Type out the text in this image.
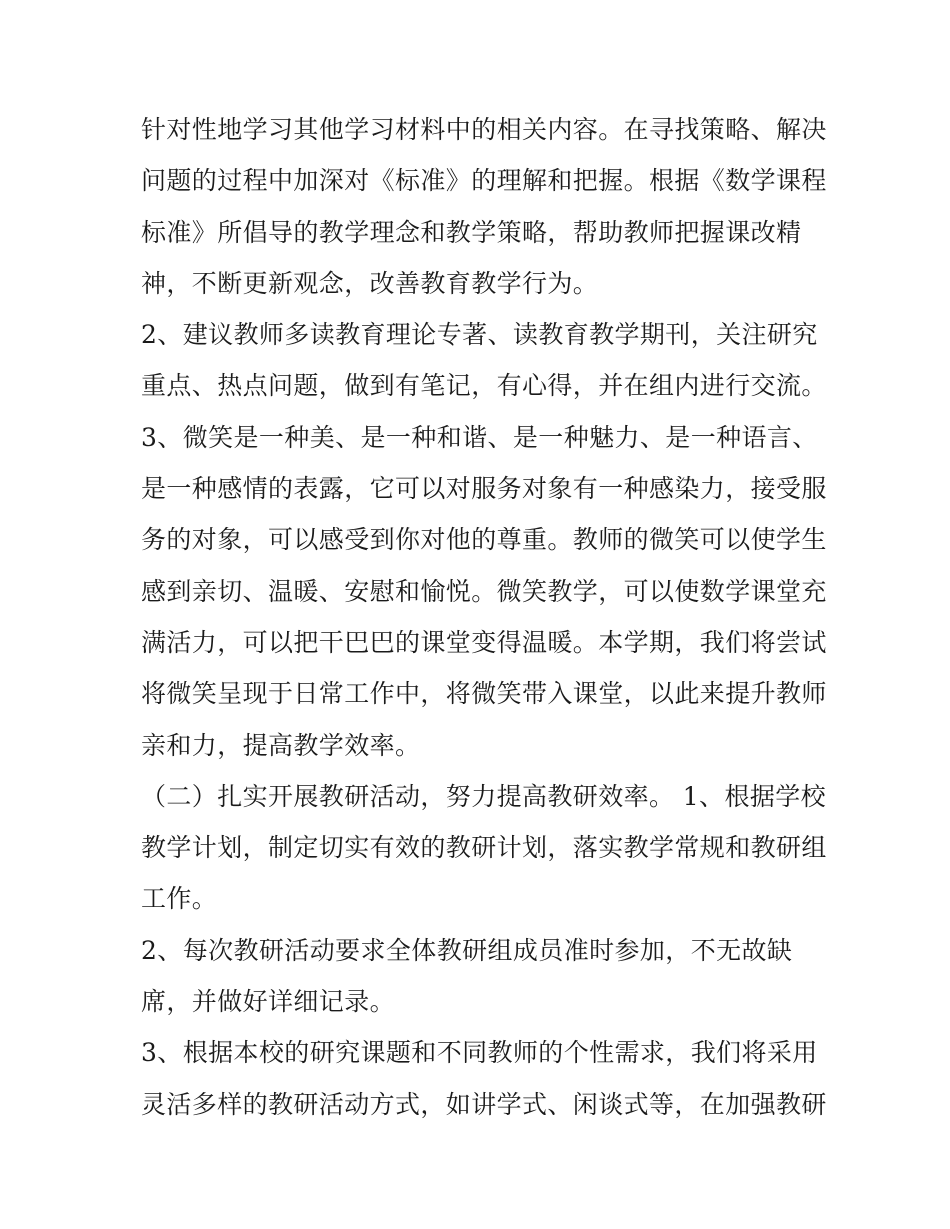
针对性地学习其他学习材料中的相关内容。在寻找策略、解决
问题的过程中加深对《标准》的理解和把握。根据《数学课程
标准》所倡导的教学理念和教学策略，帮助教师把握课改精
神，不断更新观念，改善教育教学行为。
2、建议教师多读教育理论专著、读教育教学期刊，关注研究
重点、热点问题，做到有笔记，有心得，并在组内进行交流。
3、微笑是一种美、是一种和谐、是一种魅力、是一种语言、
是一种感情的表露，它可以对服务对象有一种感染力，接受服
务的对象，可以感受到你对他的尊重。教师的微笑可以使学生
感到亲切、温暖、安慰和愉悦。微笑教学，可以使数学课堂充
满活力，可以把干巴巴的课堂变得温暖。本学期，我们将尝试
将微笑呈现于日常工作中，将微笑带入课堂，以此来提升教师
亲和力，提高教学效率。
（二）扎实开展教研活动，努力提高教研效率。 1、根据学校
教学计划，制定切实有效的教研计划，落实教学常规和教研组
工作。
2、每次教研活动要求全体教研组成员准时参加，不无故缺
席，并做好详细记录。
3、根据本校的研究课题和不同教师的个性需求，我们将采用
灵活多样的教研活动方式，如讲学式、闲谈式等，在加强教研
